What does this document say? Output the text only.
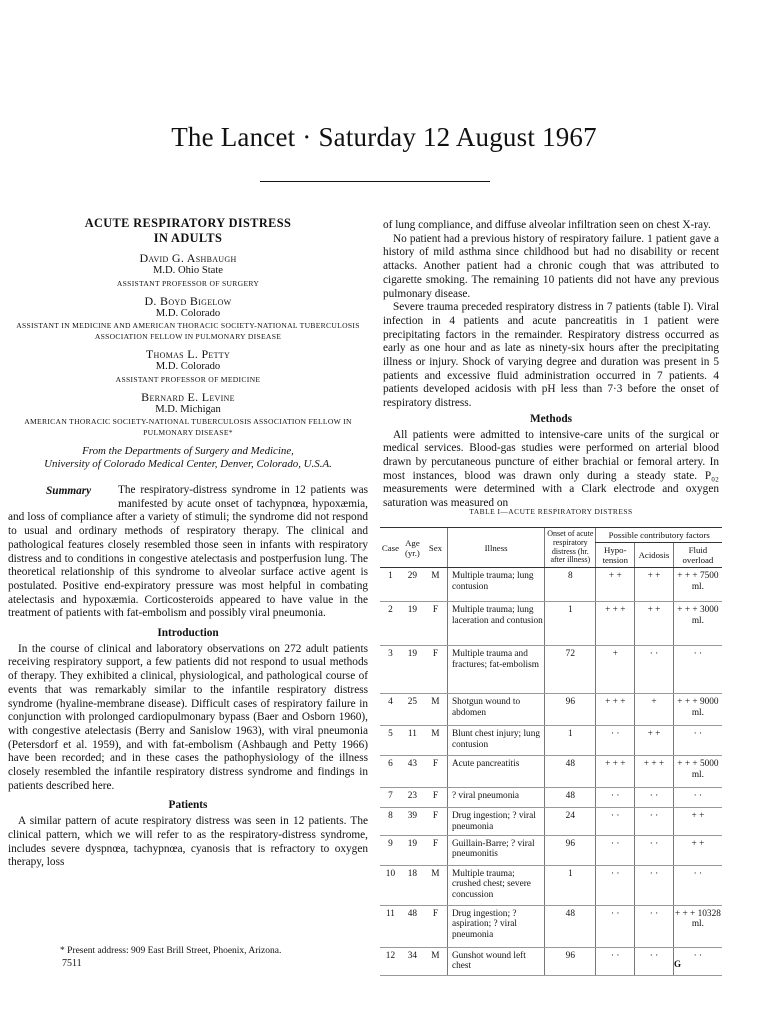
The Lancet · Saturday 12 August 1967
ACUTE RESPIRATORY DISTRESS
IN ADULTS
David G. Ashbaugh
M.D. Ohio State
ASSISTANT PROFESSOR OF SURGERY
D. Boyd Bigelow
M.D. Colorado
ASSISTANT IN MEDICINE AND AMERICAN THORACIC SOCIETY-NATIONAL TUBERCULOSIS ASSOCIATION FELLOW IN PULMONARY DISEASE
Thomas L. Petty
M.D. Colorado
ASSISTANT PROFESSOR OF MEDICINE
Bernard E. Levine
M.D. Michigan
AMERICAN THORACIC SOCIETY-NATIONAL TUBERCULOSIS ASSOCIATION FELLOW IN PULMONARY DISEASE*
From the Departments of Surgery and Medicine,
University of Colorado Medical Center, Denver, Colorado, U.S.A.
Summary	The respiratory-distress syndrome in 12 patients was manifested by acute onset of tachypnœa, hypoxæmia, and loss of compliance after a variety of stimuli; the syndrome did not respond to usual and ordinary methods of respiratory therapy. The clinical and pathological features closely resembled those seen in infants with respiratory distress and to conditions in congestive atelectasis and postperfusion lung. The theoretical relationship of this syndrome to alveolar surface active agent is postulated. Positive end-expiratory pressure was most helpful in combating atelectasis and hypoxæmia. Corticosteroids appeared to have value in the treatment of patients with fat-embolism and possibly viral pneumonia.

Introduction

In the course of clinical and laboratory observations on 272 adult patients receiving respiratory support, a few patients did not respond to usual methods of therapy. They exhibited a clinical, physiological, and pathological course of events that was remarkably similar to the infantile respiratory distress syndrome (hyaline-membrane disease). Difficult cases of respiratory failure in conjunction with prolonged cardiopulmonary bypass (Baer and Osborn 1960), with congestive atelectasis (Berry and Sanislow 1963), with viral pneumonia (Petersdorf et al. 1959), and with fat-embolism (Ashbaugh and Petty 1966) have been recorded; and in these cases the pathophysiology of the illness closely resembled the infantile respiratory distress syndrome and findings in patients described here.

Patients

A similar pattern of acute respiratory distress was seen in 12 patients. The clinical pattern, which we will refer to as the respiratory-distress syndrome, includes severe dyspnœa, tachypnœa, cyanosis that is refractory to oxygen therapy, loss

of lung compliance, and diffuse alveolar infiltration seen on chest X-ray.

No patient had a previous history of respiratory failure. 1 patient gave a history of mild asthma since childhood but had no disability or recent attacks. Another patient had a chronic cough that was attributed to cigarette smoking. The remaining 10 patients did not have any previous pulmonary disease.

Severe trauma preceded respiratory distress in 7 patients (table I). Viral infection in 4 patients and acute pancreatitis in 1 patient were precipitating factors in the remainder. Respiratory distress occurred as early as one hour and as late as ninety-six hours after the precipitating illness or injury. Shock of varying degree and duration was present in 5 patients and excessive fluid administration occurred in 7 patients. 4 patients developed acidosis with pH less than 7·3 before the onset of respiratory distress.

Methods

All patients were admitted to intensive-care units of the surgical or medical services. Blood-gas studies were performed on arterial blood drawn by percutaneous puncture of either brachial or femoral artery. In most instances, blood was drawn only during a steady state. P₀₂ measurements were determined with a Clark electrode and oxygen saturation was measured on

TABLE I—ACUTE RESPIRATORY DISTRESS
Case	Age (yr.)	Sex	Illness	Onset of acute respiratory distress (hr. after illness)	Possible contributory factors		
					Hypo-tension	Acidosis	Fluid overload
1	29	M	Multiple trauma; lung contusion	8	+ +	+ +	+ + + 7500 ml.
2	19	F	Multiple trauma; lung laceration and contusion	1	+ + +	+ +	+ + + 3000 ml.
3	19	F	Multiple trauma and fractures; fat-embolism	72	+	· ·	· ·
4	25	M	Shotgun wound to abdomen	96	+ + +	+	+ + + 9000 ml.
5	11	M	Blunt chest injury; lung contusion	1	· ·	+ +	· ·
6	43	F	Acute pancreatitis	48	+ + +	+ + +	+ + + 5000 ml.
7	23	F	? viral pneumonia	48	· ·	· ·	· ·
8	39	F	Drug ingestion; ? viral pneumonia	24	· ·	· ·	+ +
9	19	F	Guillain-Barre; ? viral pneumonitis	96	· ·	· ·	+ +
10	18	M	Multiple trauma; crushed chest; severe concussion	1	· ·	· ·	· ·
11	48	F	Drug ingestion; ? aspiration; ? viral pneumonia	48	· ·	· ·	+ + + 10328 ml.
12	34	M	Gunshot wound left chest	96	· ·	· ·	· ·
* Present address: 909 East Brill Street, Phoenix, Arizona.
7511	G
